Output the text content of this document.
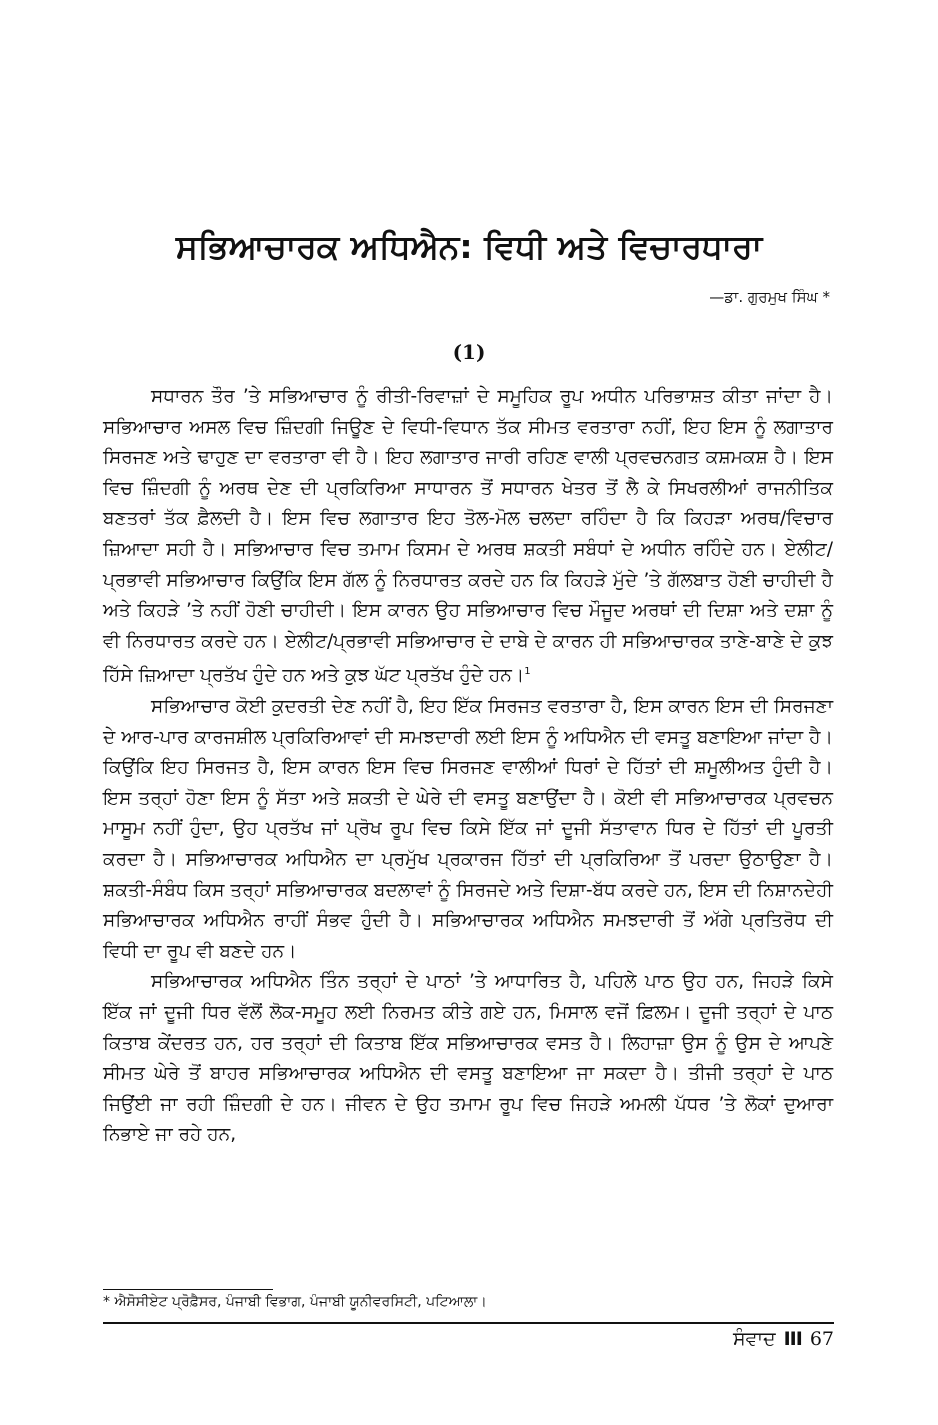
ਸਭਿਆਚਾਰਕ ਅਧਿਐਨ: ਵਿਧੀ ਅਤੇ ਵਿਚਾਰਧਾਰਾ
—ਡਾ. ਗੁਰਮੁਖ ਸਿੰਘ *
(1)

ਸਧਾਰਨ ਤੌਰ ’ਤੇ ਸਭਿਆਚਾਰ ਨੂੰ ਰੀਤੀ-ਰਿਵਾਜ਼ਾਂ ਦੇ ਸਮੂਹਿਕ ਰੂਪ ਅਧੀਨ ਪਰਿਭਾਸ਼ਤ ਕੀਤਾ ਜਾਂਦਾ ਹੈ। ਸਭਿਆਚਾਰ ਅਸਲ ਵਿਚ ਜ਼ਿੰਦਗੀ ਜਿਊਣ ਦੇ ਵਿਧੀ-ਵਿਧਾਨ ਤੱਕ ਸੀਮਤ ਵਰਤਾਰਾ ਨਹੀਂ, ਇਹ ਇਸ ਨੂੰ ਲਗਾਤਾਰ ਸਿਰਜਣ ਅਤੇ ਢਾਹੁਣ ਦਾ ਵਰਤਾਰਾ ਵੀ ਹੈ। ਇਹ ਲਗਾਤਾਰ ਜਾਰੀ ਰਹਿਣ ਵਾਲੀ ਪ੍ਰਵਚਨਗਤ ਕਸ਼ਮਕਸ਼ ਹੈ। ਇਸ ਵਿਚ ਜ਼ਿੰਦਗੀ ਨੂੰ ਅਰਥ ਦੇਣ ਦੀ ਪ੍ਰਕਿਰਿਆ ਸਾਧਾਰਨ ਤੋਂ ਸਧਾਰਨ ਖੇਤਰ ਤੋਂ ਲੈ ਕੇ ਸਿਖਰਲੀਆਂ ਰਾਜਨੀਤਿਕ ਬਣਤਰਾਂ ਤੱਕ ਫ਼ੈਲਦੀ ਹੈ। ਇਸ ਵਿਚ ਲਗਾਤਾਰ ਇਹ ਤੋਲ-ਮੋਲ ਚਲਦਾ ਰਹਿੰਦਾ ਹੈ ਕਿ ਕਿਹੜਾ ਅਰਥ/ਵਿਚਾਰ ਜ਼ਿਆਦਾ ਸਹੀ ਹੈ। ਸਭਿਆਚਾਰ ਵਿਚ ਤਮਾਮ ਕਿਸਮ ਦੇ ਅਰਥ ਸ਼ਕਤੀ ਸਬੰਧਾਂ ਦੇ ਅਧੀਨ ਰਹਿੰਦੇ ਹਨ। ਏਲੀਟ/ਪ੍ਰਭਾਵੀ ਸਭਿਆਚਾਰ ਕਿਉਂਕਿ ਇਸ ਗੱਲ ਨੂੰ ਨਿਰਧਾਰਤ ਕਰਦੇ ਹਨ ਕਿ ਕਿਹੜੇ ਮੁੱਦੇ ’ਤੇ ਗੱਲਬਾਤ ਹੋਣੀ ਚਾਹੀਦੀ ਹੈ ਅਤੇ ਕਿਹੜੇ ’ਤੇ ਨਹੀਂ ਹੋਣੀ ਚਾਹੀਦੀ। ਇਸ ਕਾਰਨ ਉਹ ਸਭਿਆਚਾਰ ਵਿਚ ਮੌਜੂਦ ਅਰਥਾਂ ਦੀ ਦਿਸ਼ਾ ਅਤੇ ਦਸ਼ਾ ਨੂੰ ਵੀ ਨਿਰਧਾਰਤ ਕਰਦੇ ਹਨ। ਏਲੀਟ/ਪ੍ਰਭਾਵੀ ਸਭਿਆਚਾਰ ਦੇ ਦਾਬੇ ਦੇ ਕਾਰਨ ਹੀ ਸਭਿਆਚਾਰਕ ਤਾਣੇ-ਬਾਣੇ ਦੇ ਕੁਝ ਹਿੱਸੇ ਜ਼ਿਆਦਾ ਪ੍ਰਤੱਖ ਹੁੰਦੇ ਹਨ ਅਤੇ ਕੁਝ ਘੱਟ ਪ੍ਰਤੱਖ ਹੁੰਦੇ ਹਨ।$^1$

ਸਭਿਆਚਾਰ ਕੋਈ ਕੁਦਰਤੀ ਦੇਣ ਨਹੀਂ ਹੈ, ਇਹ ਇੱਕ ਸਿਰਜਤ ਵਰਤਾਰਾ ਹੈ, ਇਸ ਕਾਰਨ ਇਸ ਦੀ ਸਿਰਜਣਾ ਦੇ ਆਰ-ਪਾਰ ਕਾਰਜਸ਼ੀਲ ਪ੍ਰਕਿਰਿਆਵਾਂ ਦੀ ਸਮਝਦਾਰੀ ਲਈ ਇਸ ਨੂੰ ਅਧਿਐਨ ਦੀ ਵਸਤੂ ਬਣਾਇਆ ਜਾਂਦਾ ਹੈ। ਕਿਉਂਕਿ ਇਹ ਸਿਰਜਤ ਹੈ, ਇਸ ਕਾਰਨ ਇਸ ਵਿਚ ਸਿਰਜਣ ਵਾਲੀਆਂ ਧਿਰਾਂ ਦੇ ਹਿੱਤਾਂ ਦੀ ਸ਼ਮੂਲੀਅਤ ਹੁੰਦੀ ਹੈ। ਇਸ ਤਰ੍ਹਾਂ ਹੋਣਾ ਇਸ ਨੂੰ ਸੱਤਾ ਅਤੇ ਸ਼ਕਤੀ ਦੇ ਘੇਰੇ ਦੀ ਵਸਤੂ ਬਣਾਉਂਦਾ ਹੈ। ਕੋਈ ਵੀ ਸਭਿਆਚਾਰਕ ਪ੍ਰਵਚਨ ਮਾਸੂਮ ਨਹੀਂ ਹੁੰਦਾ, ਉਹ ਪ੍ਰਤੱਖ ਜਾਂ ਪ੍ਰੋਖ ਰੂਪ ਵਿਚ ਕਿਸੇ ਇੱਕ ਜਾਂ ਦੂਜੀ ਸੱਤਾਵਾਨ ਧਿਰ ਦੇ ਹਿੱਤਾਂ ਦੀ ਪੂਰਤੀ ਕਰਦਾ ਹੈ। ਸਭਿਆਚਾਰਕ ਅਧਿਐਨ ਦਾ ਪ੍ਰਮੁੱਖ ਪ੍ਰਕਾਰਜ ਹਿੱਤਾਂ ਦੀ ਪ੍ਰਕਿਰਿਆ ਤੋਂ ਪਰਦਾ ਉਠਾਉਣਾ ਹੈ। ਸ਼ਕਤੀ-ਸੰਬੰਧ ਕਿਸ ਤਰ੍ਹਾਂ ਸਭਿਆਚਾਰਕ ਬਦਲਾਵਾਂ ਨੂੰ ਸਿਰਜਦੇ ਅਤੇ ਦਿਸ਼ਾ-ਬੱਧ ਕਰਦੇ ਹਨ, ਇਸ ਦੀ ਨਿਸ਼ਾਨਦੇਹੀ ਸਭਿਆਚਾਰਕ ਅਧਿਐਨ ਰਾਹੀਂ ਸੰਭਵ ਹੁੰਦੀ ਹੈ। ਸਭਿਆਚਾਰਕ ਅਧਿਐਨ ਸਮਝਦਾਰੀ ਤੋਂ ਅੱਗੇ ਪ੍ਰਤਿਰੋਧ ਦੀ ਵਿਧੀ ਦਾ ਰੂਪ ਵੀ ਬਣਦੇ ਹਨ।

ਸਭਿਆਚਾਰਕ ਅਧਿਐਨ ਤਿੰਨ ਤਰ੍ਹਾਂ ਦੇ ਪਾਠਾਂ ’ਤੇ ਆਧਾਰਿਤ ਹੈ, ਪਹਿਲੇ ਪਾਠ ਉਹ ਹਨ, ਜਿਹੜੇ ਕਿਸੇ ਇੱਕ ਜਾਂ ਦੂਜੀ ਧਿਰ ਵੱਲੋਂ ਲੋਕ-ਸਮੂਹ ਲਈ ਨਿਰਮਤ ਕੀਤੇ ਗਏ ਹਨ, ਮਿਸਾਲ ਵਜੋਂ ਫ਼ਿਲਮ। ਦੂਜੀ ਤਰ੍ਹਾਂ ਦੇ ਪਾਠ ਕਿਤਾਬ ਕੇਂਦਰਤ ਹਨ, ਹਰ ਤਰ੍ਹਾਂ ਦੀ ਕਿਤਾਬ ਇੱਕ ਸਭਿਆਚਾਰਕ ਵਸਤ ਹੈ। ਲਿਹਾਜ਼ਾ ਉਸ ਨੂੰ ਉਸ ਦੇ ਆਪਣੇ ਸੀਮਤ ਘੇਰੇ ਤੋਂ ਬਾਹਰ ਸਭਿਆਚਾਰਕ ਅਧਿਐਨ ਦੀ ਵਸਤੂ ਬਣਾਇਆ ਜਾ ਸਕਦਾ ਹੈ। ਤੀਜੀ ਤਰ੍ਹਾਂ ਦੇ ਪਾਠ ਜਿਉਂਈ ਜਾ ਰਹੀ ਜ਼ਿੰਦਗੀ ਦੇ ਹਨ। ਜੀਵਨ ਦੇ ਉਹ ਤਮਾਮ ਰੂਪ ਵਿਚ ਜਿਹੜੇ ਅਮਲੀ ਪੱਧਰ ’ਤੇ ਲੋਕਾਂ ਦੁਆਰਾ ਨਿਭਾਏ ਜਾ ਰਹੇ ਹਨ,

* ਐਸੋਸੀਏਟ ਪ੍ਰੋਫ਼ੈਸਰ, ਪੰਜਾਬੀ ਵਿਭਾਗ, ਪੰਜਾਬੀ ਯੂਨੀਵਰਸਿਟੀ, ਪਟਿਆਲਾ।
ਸੰਵਾਦ III 67
